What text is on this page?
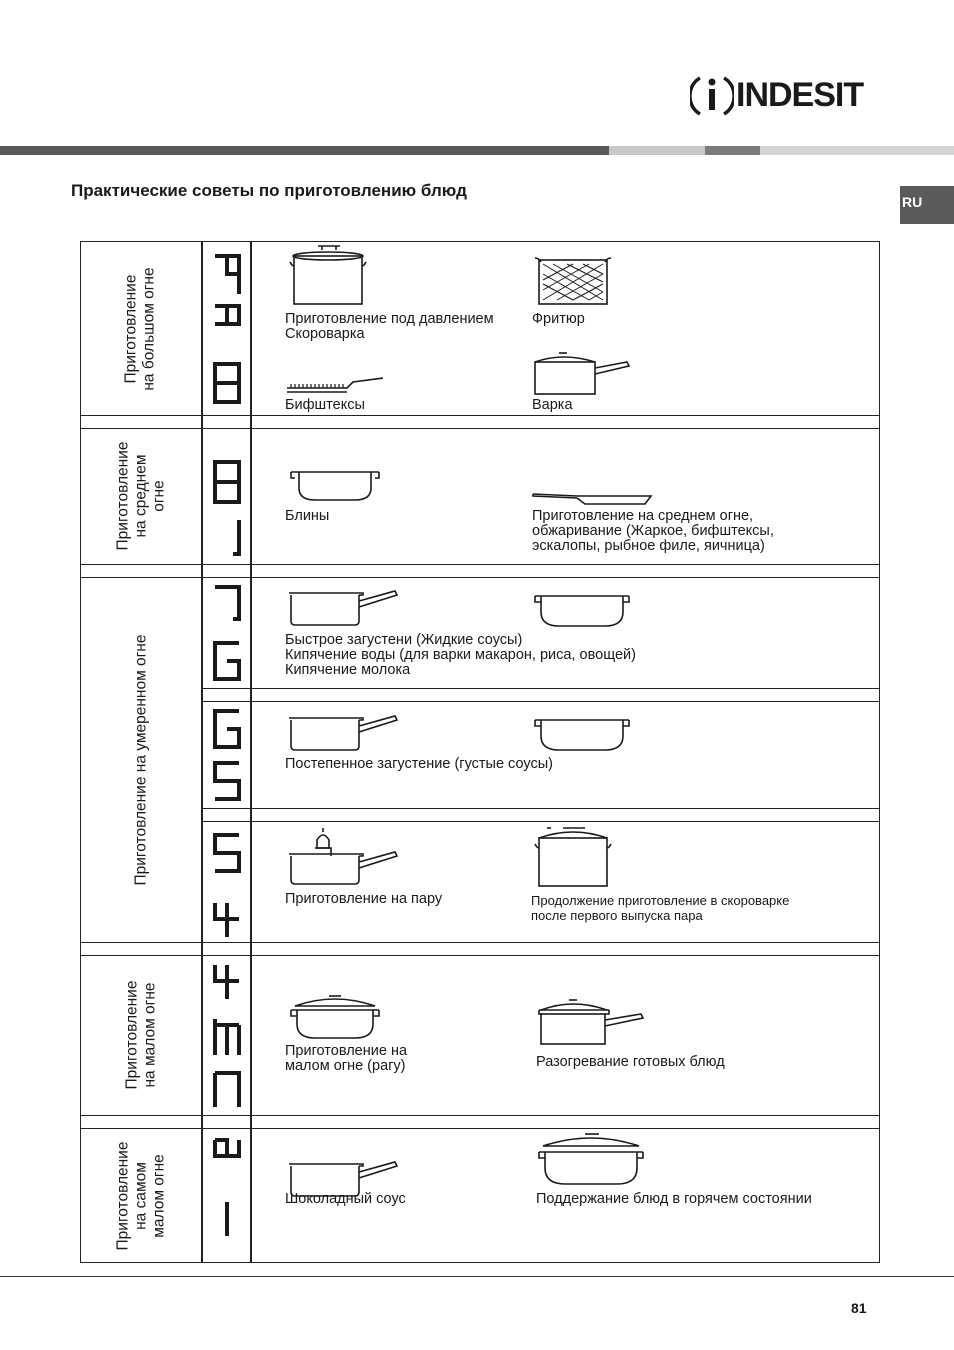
INDESIT
RU
Практические советы по приготовлению блюд
Приготовление на большом огне	Приготовление под давлением
Скороварка
Фритюр
Бифштексы	Варка
Приготовление на среднем огне
Блины	Приготовление на среднем огне,
обжаривание (Жаркое, бифштексы,
эскалопы, рыбное филе, яичница)
Приготовление на умеренном огне	Быстрое загустени (Жидкие соусы)
Кипячение воды (для варки макарон, риса, овощей)
Кипячение молока
Постепенное загустение (густые соусы)
Приготовление на пару	Продолжение приготовление в скороварке
после первого выпуска пара
Приготовление на малом огне	Приготовление на
малом огне (рагу)	Разогревание готовых блюд
Приготовление на самом малом огне	Шоколадный соус	Поддержание блюд в горячем состоянии
81
